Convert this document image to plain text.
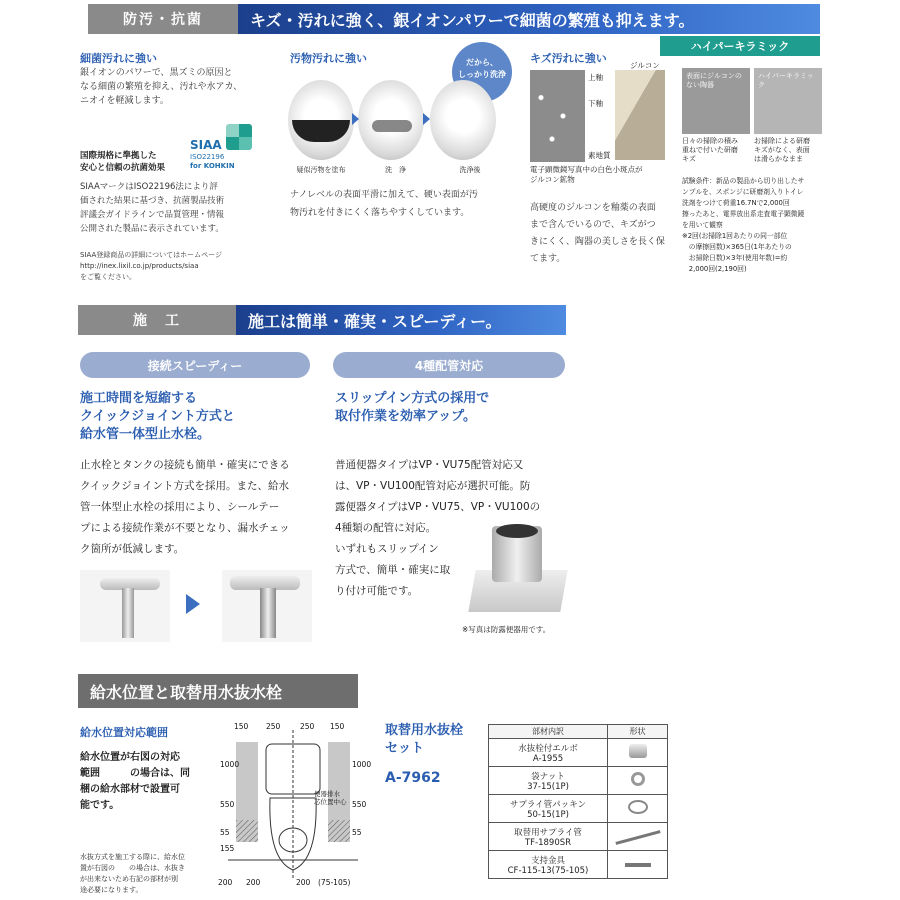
防汚・抗菌	キズ・汚れに強く、銀イオンパワーで細菌の繁殖も抑えます。
細菌汚れに強い
銀イオンのパワーで、黒ズミの原因と
なる細菌の繁殖を抑え、汚れや水アカ、
ニオイを軽減します。
国際規格に準拠した
安心と信頼の抗菌効果
SIAA
ISO22196
for KOHKIN
SIAAマークはISO22196法により評
価された結果に基づき、抗菌製品技術
評議会ガイドラインで品質管理・情報
公開された製品に表示されています。
SIAA登録商品の詳細についてはホームページ
http://inex.lixil.co.jp/products/siaa
をご覧ください。
汚物汚れに強い	だから、
しっかり洗浄
疑似汚物を塗布	洗　浄	洗浄後
ナノレベルの表面平滑に加えて、硬い表面が汚
物汚れを付きにくく落ちやすくしています。
キズ汚れに強い
ハイパーキラミック
上釉
下釉
素地質
ジルコン
電子顕微鏡写真中の白色小斑点が
ジルコン鉱物
高硬度のジルコンを釉薬の表面
まで含んでいるので、キズがつ
きにくく、陶器の美しさを長く保
てます。
表面にジルコンの
ない陶器
ハイパーキラミック
日々の掃除の積み
重ねで付いた研磨
キズ
お掃除による研磨
キズがなく、表面
は滑らかなまま
試験条件：新品の製品から切り出したサ
ンプルを、スポンジに研磨剤入りトイレ
洗剤をつけて荷重16.7Nで2,000回
擦ったあと、電界放出系走査電子顕微鏡
を用いて観察
※2回(お掃除1回あたりの同一部位
　の摩擦回数)×365日(1年あたりの
　お掃除日数)×3年(使用年数)=約
　2,000回(2,190回)
施　工	施工は簡単・確実・スピーディー。
接続スピーディー	4種配管対応
施工時間を短縮する
クイックジョイント方式と
給水管一体型止水栓。
止水栓とタンクの接続も簡単・確実にできる
クイックジョイント方式を採用。また、給水
管一体型止水栓の採用により、シールテー
プによる接続作業が不要となり、漏水チェッ
ク箇所が低減します。
スリップイン方式の採用で
取付作業を効率アップ。
普通便器タイプはVP・VU75配管対応又
は、VP・VU100配管対応が選択可能。防
露便器タイプはVP・VU75、VP・VU100の
4種類の配管に対応。
いずれもスリップイン
方式で、簡単・確実に取
り付け可能です。
※写真は防露便器用です。
給水位置と取替用水抜水栓
給水位置対応範囲
給水位置が右図の対応
範囲　　　の場合は、同
梱の給水部材で設置可
能です。
水抜方式を施工する際に、給水位
置が右図の　　の場合は、水抜き
が出来ないため右記の部材が別
途必要になります。
150 250	250 150
200 200	200 (75-105)
1000
550
55
155
1000
550
55
便器排水
芯位置中心
取替用水抜栓
セット
A-7962
部材内訳	形状

水抜栓付エルボ
A-1955	

袋ナット
37-15(1P)	

サプライ管パッキン
50-15(1P)	

取替用サプライ管
TF-1890SR	

支持金具
CF-115-13(75-105)	
